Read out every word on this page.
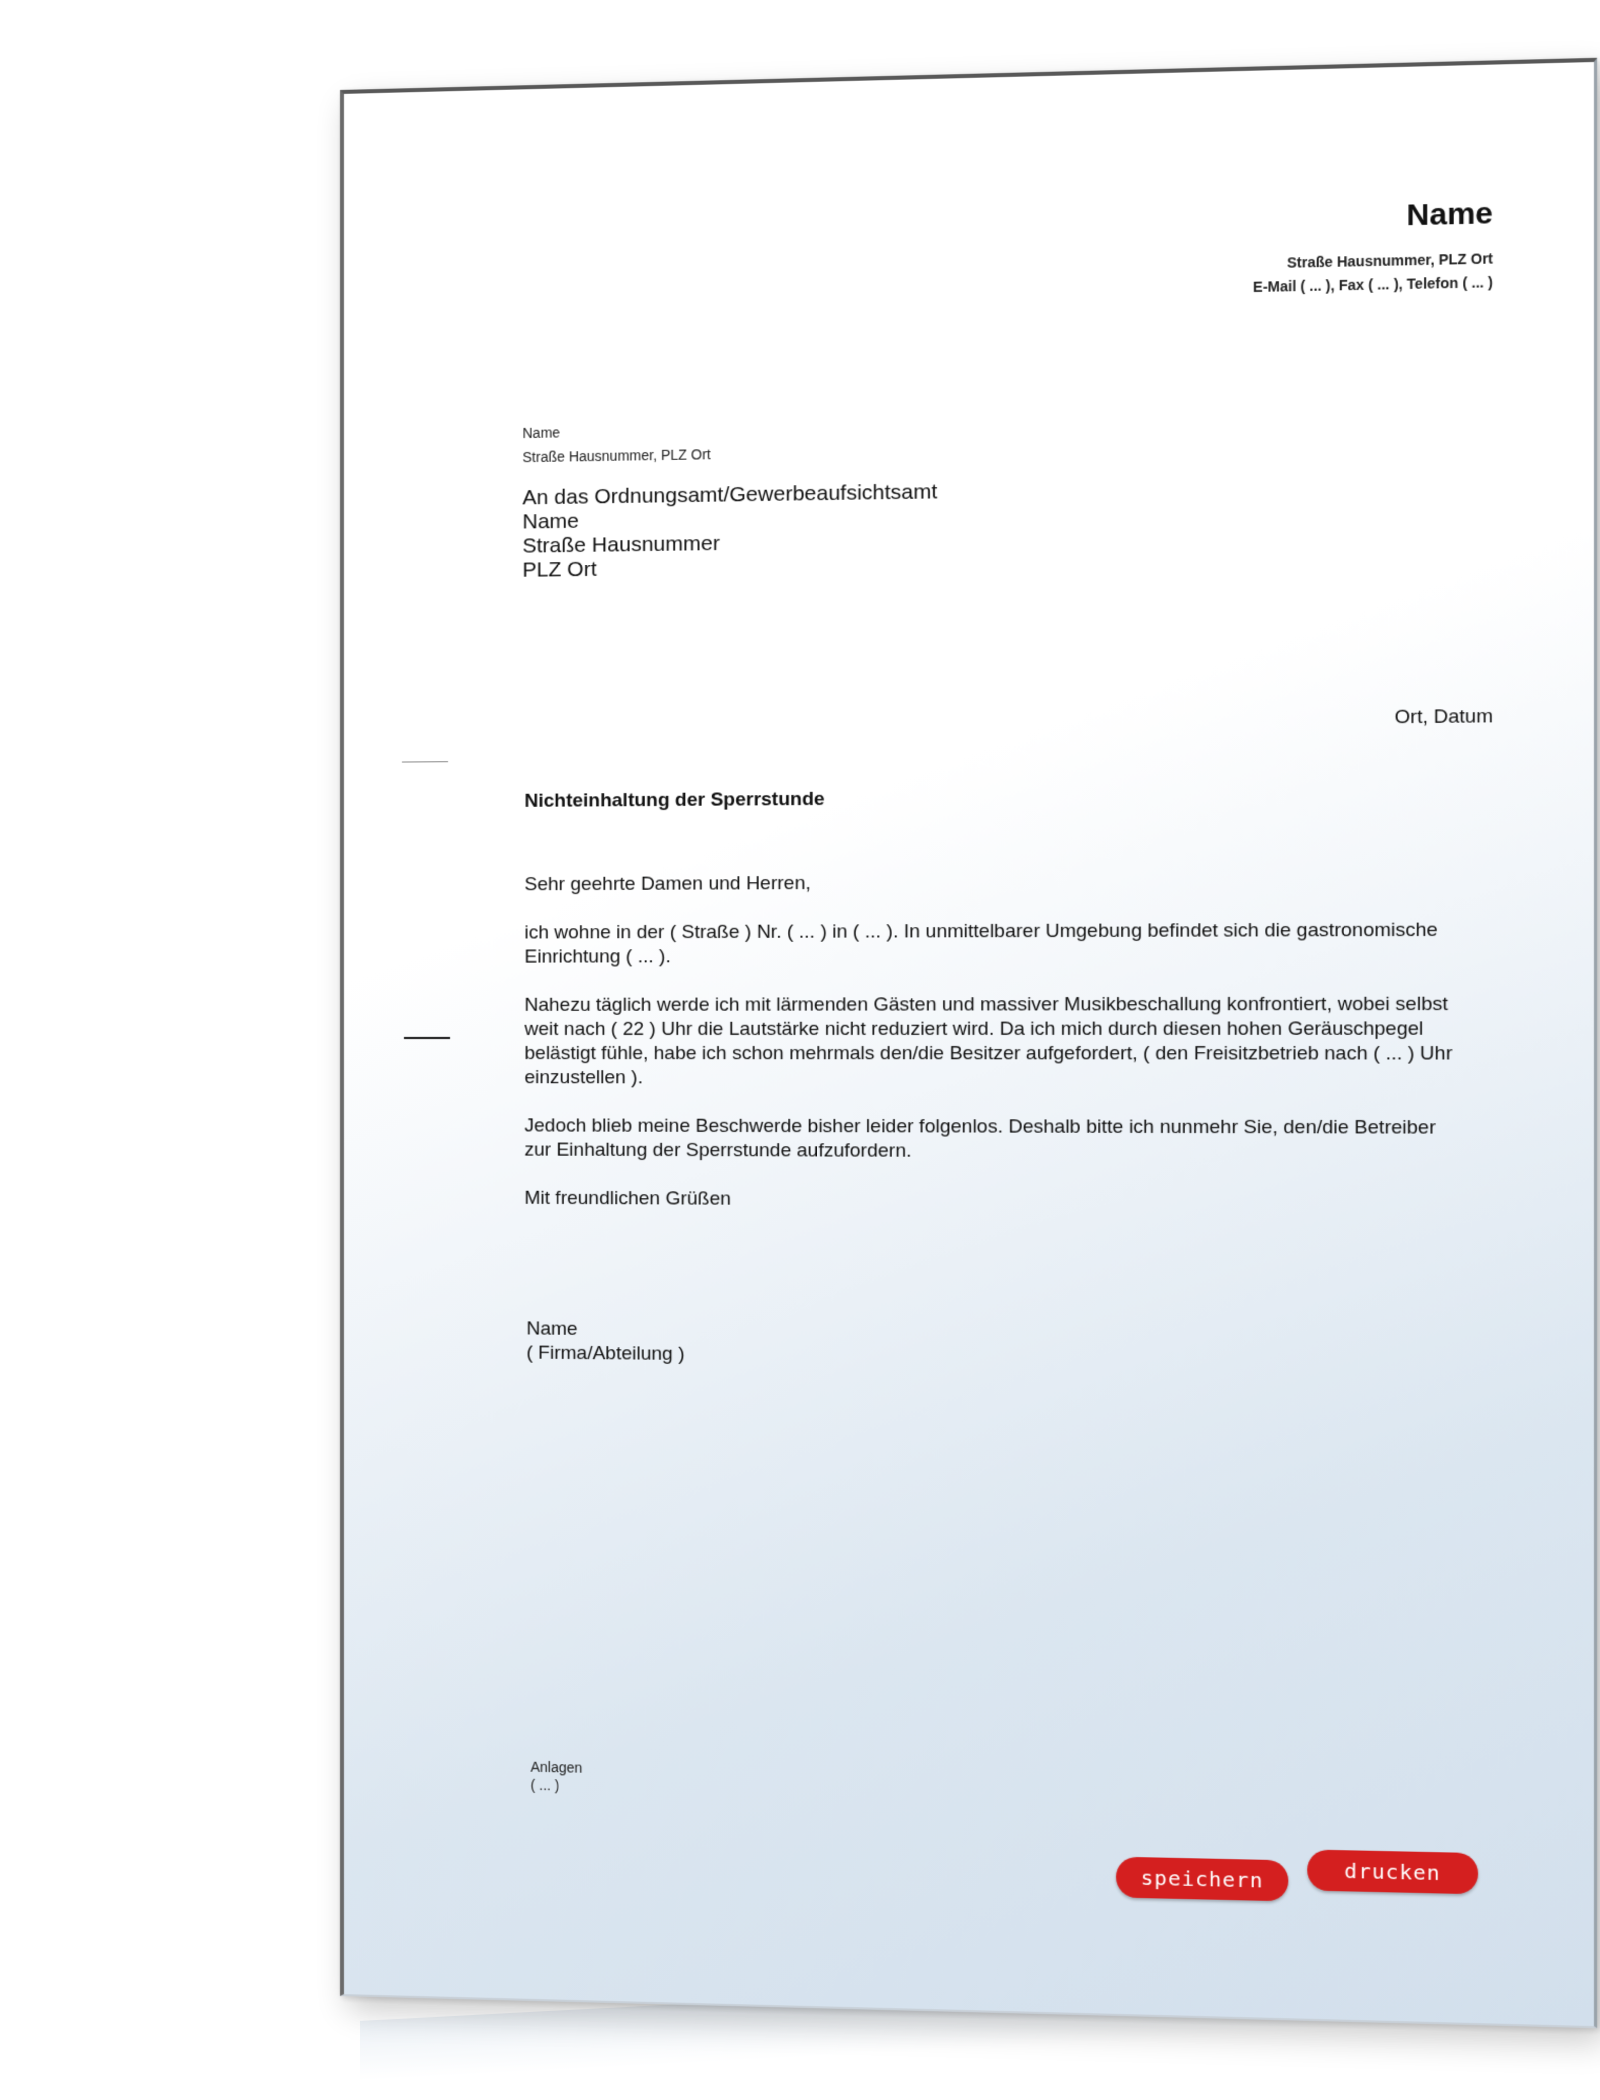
Name
Straße Hausnummer, PLZ Ort
E-Mail ( ... ), Fax ( ... ), Telefon ( ... )
Name
Straße Hausnummer, PLZ Ort
An das Ordnungsamt/Gewerbeaufsichtsamt
Name
Straße Hausnummer
PLZ Ort
Ort, Datum
Nichteinhaltung der Sperrstunde

Sehr geehrte Damen und Herren,

ich wohne in der ( Straße ) Nr. ( ... ) in ( ... ). In unmittelbarer Umgebung befindet sich die gastronomische Einrichtung ( ... ).

Nahezu täglich werde ich mit lärmenden Gästen und massiver Musikbeschallung konfrontiert, wobei selbst weit nach ( 22 ) Uhr die Lautstärke nicht reduziert wird. Da ich mich durch diesen hohen Geräuschpegel belästigt fühle, habe ich schon mehrmals den/die Besitzer aufgefordert, ( den Freisitzbetrieb nach ( ... ) Uhr einzustellen ).

Jedoch blieb meine Beschwerde bisher leider folgenlos. Deshalb bitte ich nunmehr Sie, den/die Betreiber zur Einhaltung der Sperrstunde aufzufordern.

Mit freundlichen Grüßen

Name
( Firma/Abteilung )
Anlagen
( ... )
speichern	drucken
